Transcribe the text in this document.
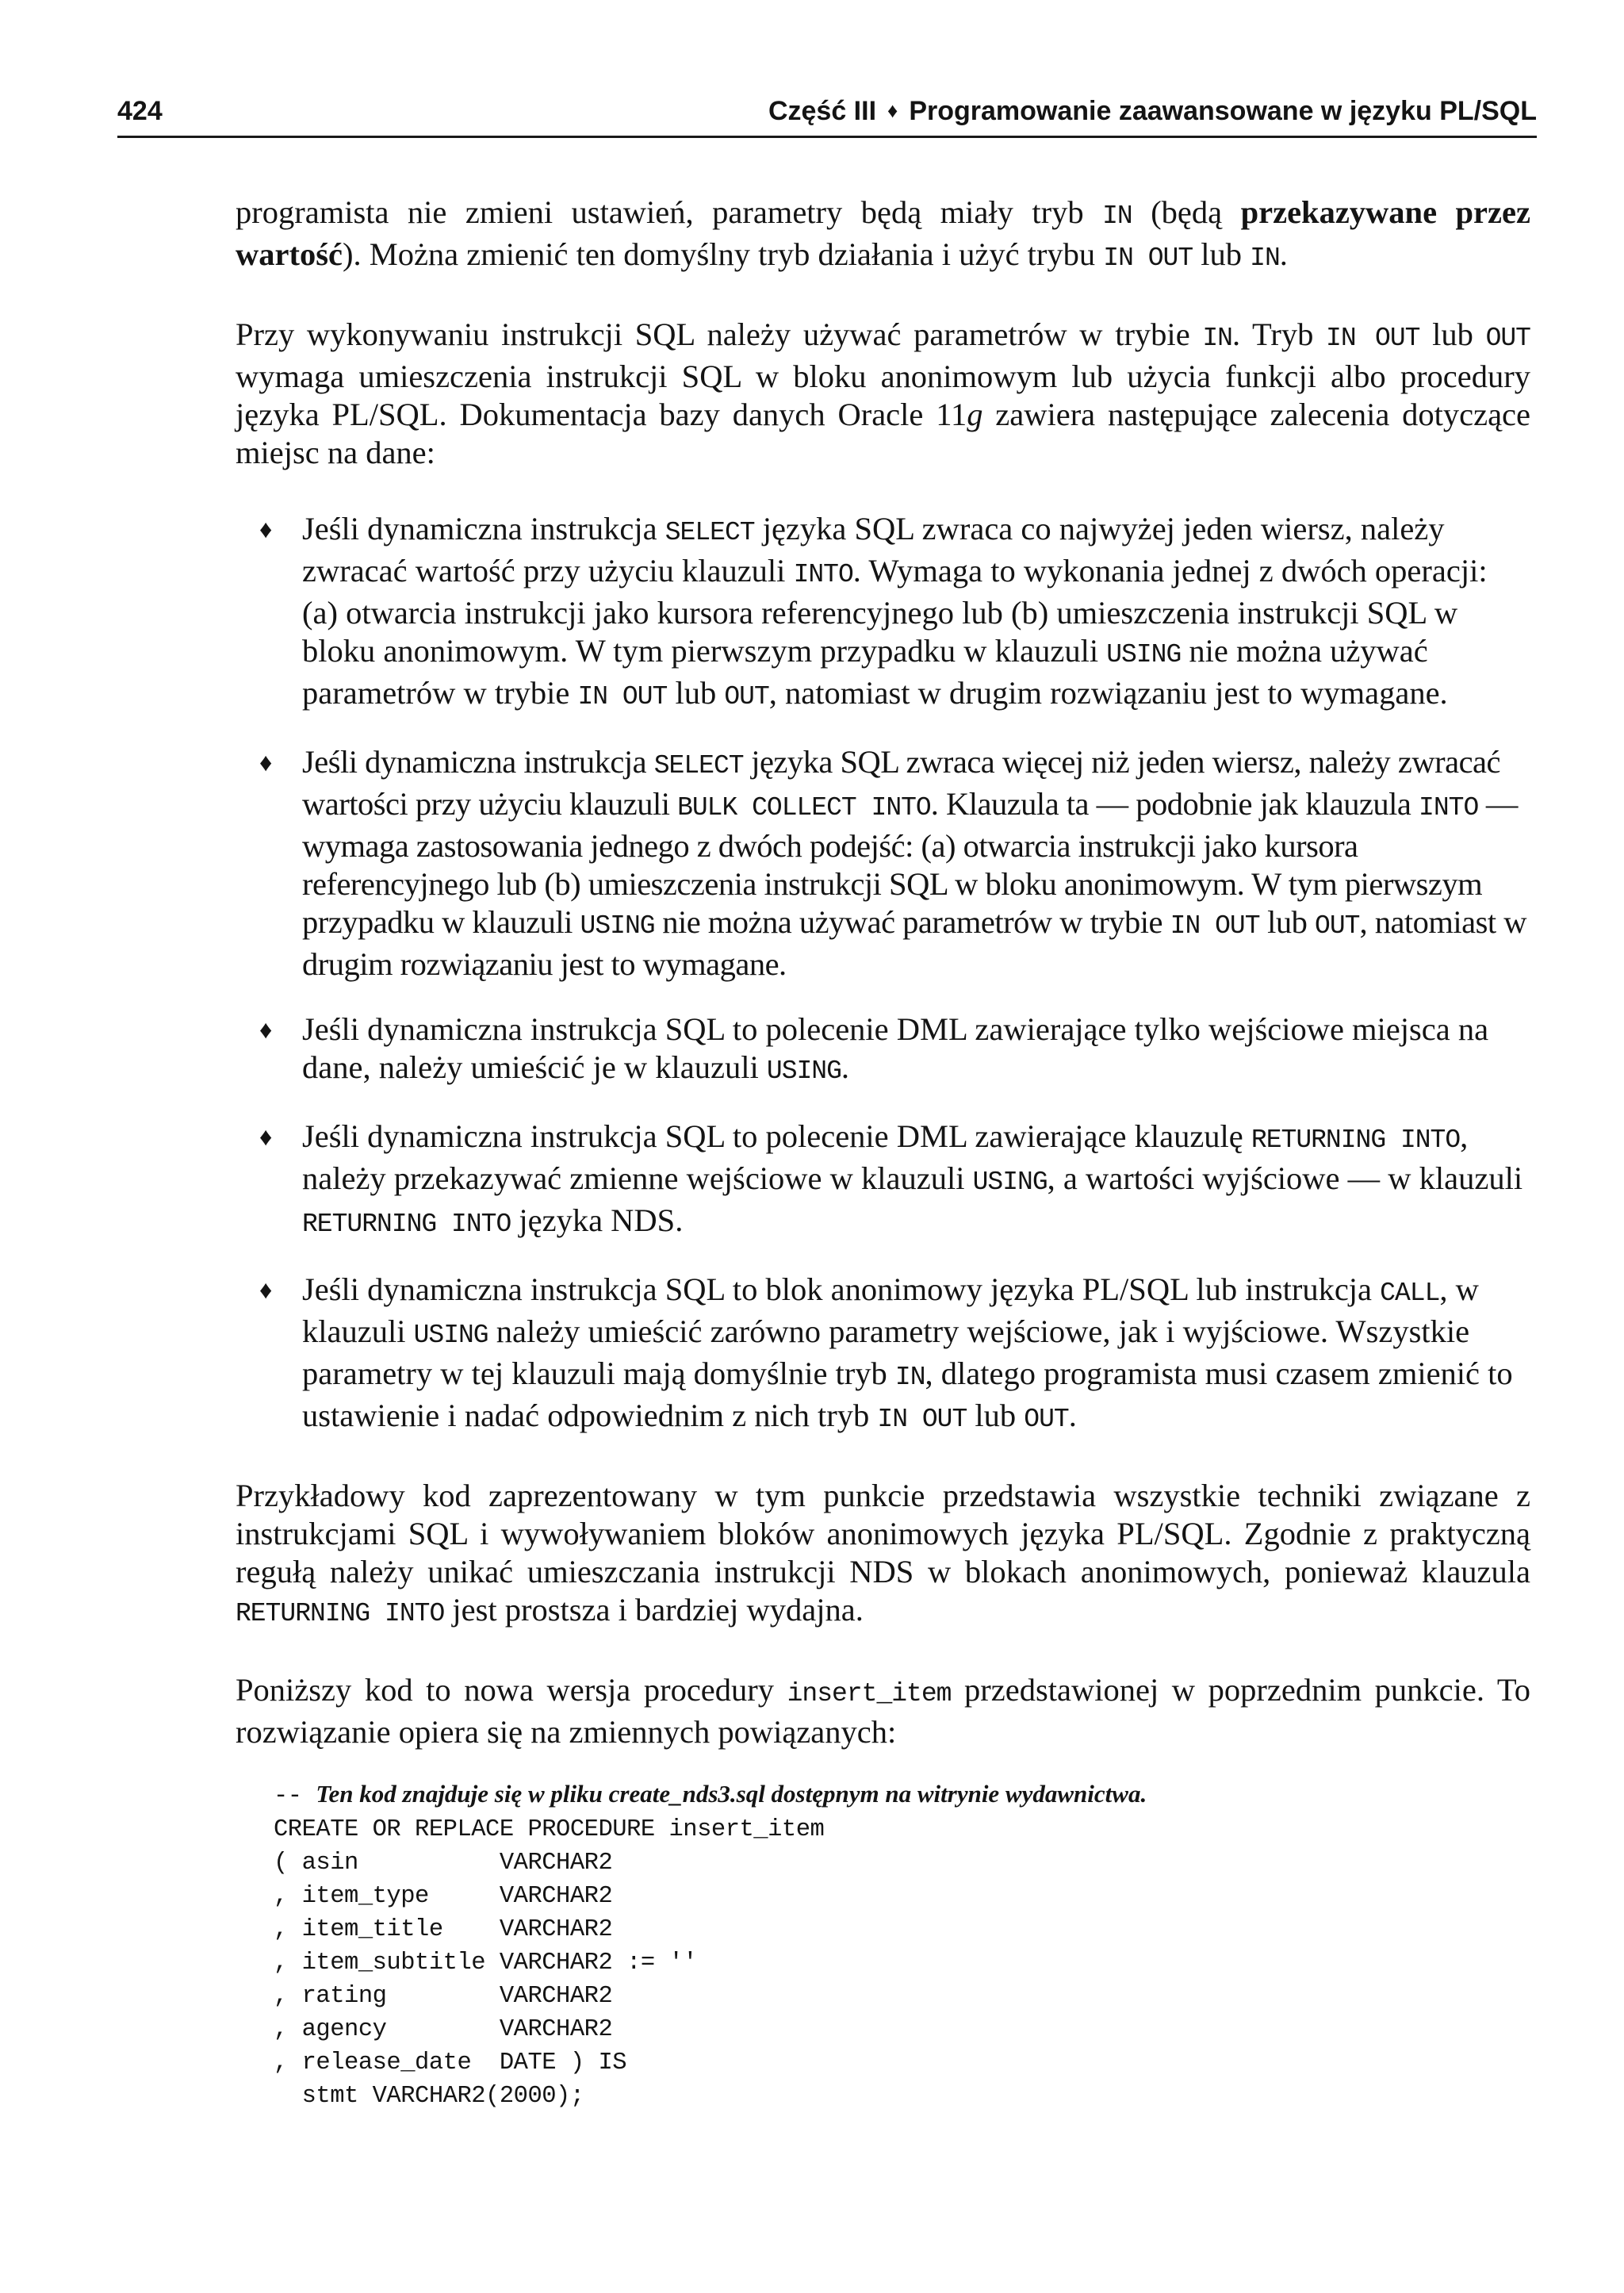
424	Część III ♦ Programowanie zaawansowane w języku PL/SQL

programista nie zmieni ustawień, parametry będą miały tryb IN (będą przekazywane przez wartość). Można zmienić ten domyślny tryb działania i użyć trybu IN OUT lub IN.

Przy wykonywaniu instrukcji SQL należy używać parametrów w trybie IN. Tryb IN OUT lub OUT wymaga umieszczenia instrukcji SQL w bloku anonimowym lub użycia funkcji albo procedury języka PL/SQL. Dokumentacja bazy danych Oracle 11g zawiera następujące zalecenia dotyczące miejsc na dane:

♦ Jeśli dynamiczna instrukcja SELECT języka SQL zwraca co najwyżej jeden wiersz, należy zwracać wartość przy użyciu klauzuli INTO. Wymaga to wykonania jednej z dwóch operacji: (a) otwarcia instrukcji jako kursora referencyjnego lub (b) umieszczenia instrukcji SQL w bloku anonimowym. W tym pierwszym przypadku w klauzuli USING nie można używać parametrów w trybie IN OUT lub OUT, natomiast w drugim rozwiązaniu jest to wymagane.
♦ Jeśli dynamiczna instrukcja SELECT języka SQL zwraca więcej niż jeden wiersz, należy zwracać wartości przy użyciu klauzuli BULK COLLECT INTO. Klauzula ta — podobnie jak klauzula INTO — wymaga zastosowania jednego z dwóch podejść: (a) otwarcia instrukcji jako kursora referencyjnego lub (b) umieszczenia instrukcji SQL w bloku anonimowym. W tym pierwszym przypadku w klauzuli USING nie można używać parametrów w trybie IN OUT lub OUT, natomiast w drugim rozwiązaniu jest to wymagane.
♦ Jeśli dynamiczna instrukcja SQL to polecenie DML zawierające tylko wejściowe miejsca na dane, należy umieścić je w klauzuli USING.
♦ Jeśli dynamiczna instrukcja SQL to polecenie DML zawierające klauzulę RETURNING INTO, należy przekazywać zmienne wejściowe w klauzuli USING, a wartości wyjściowe — w klauzuli RETURNING INTO języka NDS.
♦ Jeśli dynamiczna instrukcja SQL to blok anonimowy języka PL/SQL lub instrukcja CALL, w klauzuli USING należy umieścić zarówno parametry wejściowe, jak i wyjściowe. Wszystkie parametry w tej klauzuli mają domyślnie tryb IN, dlatego programista musi czasem zmienić to ustawienie i nadać odpowiednim z nich tryb IN OUT lub OUT.

Przykładowy kod zaprezentowany w tym punkcie przedstawia wszystkie techniki związane z instrukcjami SQL i wywoływaniem bloków anonimowych języka PL/SQL. Zgodnie z praktyczną regułą należy unikać umieszczania instrukcji NDS w blokach anonimowych, ponieważ klauzula RETURNING INTO jest prostsza i bardziej wydajna.

Poniższy kod to nowa wersja procedury insert_item przedstawionej w poprzednim punkcie. To rozwiązanie opiera się na zmiennych powiązanych:

-- Ten kod znajduje się w pliku create_nds3.sql dostępnym na witrynie wydawnictwa.
CREATE OR REPLACE PROCEDURE insert_item
( asin          VARCHAR2
, item_type     VARCHAR2
, item_title    VARCHAR2
, item_subtitle VARCHAR2 := ''
, rating        VARCHAR2
, agency        VARCHAR2
, release_date  DATE ) IS
stmt VARCHAR2(2000);
